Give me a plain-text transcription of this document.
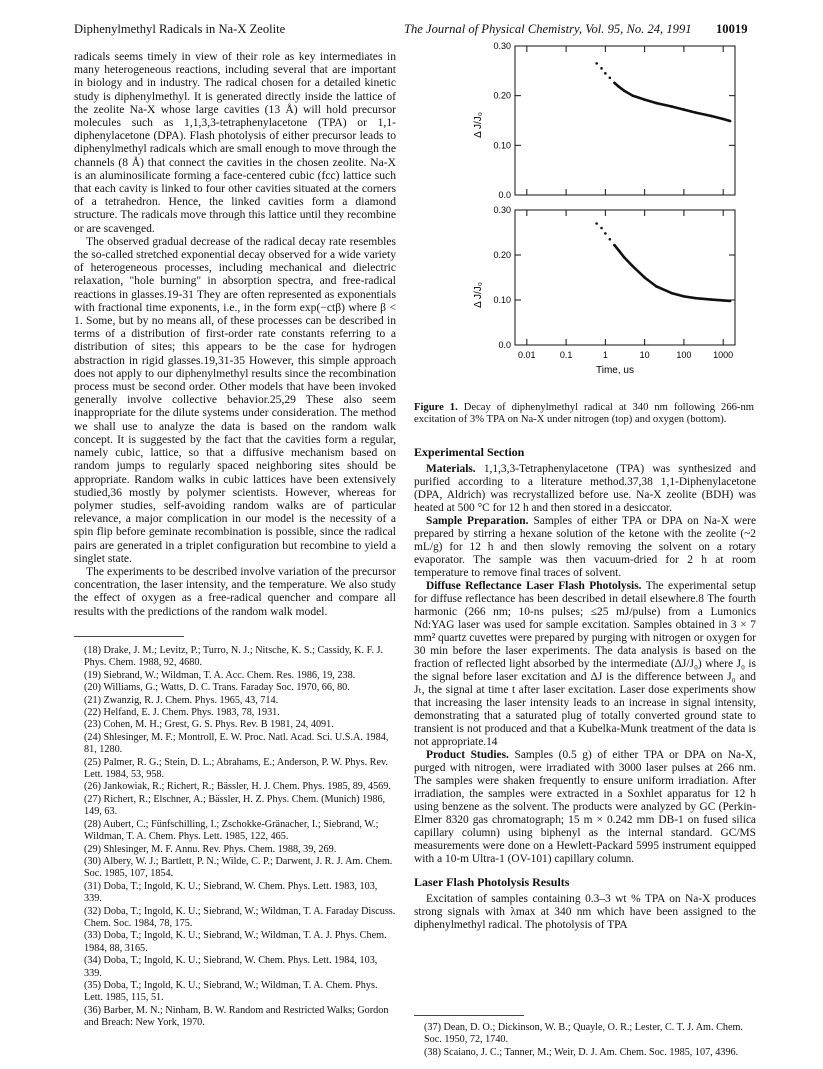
Diphenylmethyl Radicals in Na-X Zeolite	The Journal of Physical Chemistry, Vol. 95, No. 24, 1991 10019

radicals seems timely in view of their role as key intermediates in many heterogeneous reactions, including several that are important in biology and in industry. The radical chosen for a detailed kinetic study is diphenylmethyl. It is generated directly inside the lattice of the zeolite Na-X whose large cavities (13 Å) will hold precursor molecules such as 1,1,3,3-tetraphenylacetone (TPA) or 1,1-diphenylacetone (DPA). Flash photolysis of either precursor leads to diphenylmethyl radicals which are small enough to move through the channels (8 Å) that connect the cavities in the chosen zeolite. Na-X is an aluminosilicate forming a face-centered cubic (fcc) lattice such that each cavity is linked to four other cavities situated at the corners of a tetrahedron. Hence, the linked cavities form a diamond structure. The radicals move through this lattice until they recombine or are scavenged.

The observed gradual decrease of the radical decay rate resembles the so-called stretched exponential decay observed for a wide variety of heterogeneous processes, including mechanical and dielectric relaxation, "hole burning" in absorption spectra, and free-radical reactions in glasses.19-31 They are often represented as exponentials with fractional time exponents, i.e., in the form exp(−ctβ) where β < 1. Some, but by no means all, of these processes can be described in terms of a distribution of first-order rate constants referring to a distribution of sites; this appears to be the case for hydrogen abstraction in rigid glasses.19,31-35 However, this simple approach does not apply to our diphenylmethyl results since the recombination process must be second order. Other models that have been invoked generally involve collective behavior.25,29 These also seem inappropriate for the dilute systems under consideration. The method we shall use to analyze the data is based on the random walk concept. It is suggested by the fact that the cavities form a regular, namely cubic, lattice, so that a diffusive mechanism based on random jumps to regularly spaced neighboring sites should be appropriate. Random walks in cubic lattices have been extensively studied,36 mostly by polymer scientists. However, whereas for polymer studies, self-avoiding random walks are of particular relevance, a major complication in our model is the necessity of a spin flip before geminate recombination is possible, since the radical pairs are generated in a triplet configuration but recombine to yield a singlet state.

The experiments to be described involve variation of the precursor concentration, the laser intensity, and the temperature. We also study the effect of oxygen as a free-radical quencher and compare all results with the predictions of the random walk model.

(18) Drake, J. M.; Levitz, P.; Turro, N. J.; Nitsche, K. S.; Cassidy, K. F. J. Phys. Chem. 1988, 92, 4680.
(19) Siebrand, W.; Wildman, T. A. Acc. Chem. Res. 1986, 19, 238.
(20) Williams, G.; Watts, D. C. Trans. Faraday Soc. 1970, 66, 80.
(21) Zwanzig, R. J. Chem. Phys. 1965, 43, 714.
(22) Helfand, E. J. Chem. Phys. 1983, 78, 1931.
(23) Cohen, M. H.; Grest, G. S. Phys. Rev. B 1981, 24, 4091.
(24) Shlesinger, M. F.; Montroll, E. W. Proc. Natl. Acad. Sci. U.S.A. 1984, 81, 1280.
(25) Palmer, R. G.; Stein, D. L.; Abrahams, E.; Anderson, P. W. Phys. Rev. Lett. 1984, 53, 958.
(26) Jankowiak, R.; Richert, R.; Bässler, H. J. Chem. Phys. 1985, 89, 4569.
(27) Richert, R.; Elschner, A.; Bässler, H. Z. Phys. Chem. (Munich) 1986, 149, 63.
(28) Aubert, C.; Fünfschilling, I.; Zschokke-Gränacher, I.; Siebrand, W.; Wildman, T. A. Chem. Phys. Lett. 1985, 122, 465.
(29) Shlesinger, M. F. Annu. Rev. Phys. Chem. 1988, 39, 269.
(30) Albery, W. J.; Bartlett, P. N.; Wilde, C. P.; Darwent, J. R. J. Am. Chem. Soc. 1985, 107, 1854.
(31) Doba, T.; Ingold, K. U.; Siebrand, W. Chem. Phys. Lett. 1983, 103, 339.
(32) Doba, T.; Ingold, K. U.; Siebrand, W.; Wildman, T. A. Faraday Discuss. Chem. Soc. 1984, 78, 175.
(33) Doba, T.; Ingold, K. U.; Siebrand, W.; Wildman, T. A. J. Phys. Chem. 1984, 88, 3165.
(34) Doba, T.; Ingold, K. U.; Siebrand, W. Chem. Phys. Lett. 1984, 103, 339.
(35) Doba, T.; Ingold, K. U.; Siebrand, W.; Wildman, T. A. Chem. Phys. Lett. 1985, 115, 51.
(36) Barber, M. N.; Ninham, B. W. Random and Restricted Walks; Gordon and Breach: New York, 1970.
0.30
0.20
0.10
0.0
0.30
0.20
0.10
0.0
Δ J/J₀
Δ J/J₀
0.01	0.1	1	10	100 1000
Time, us
Figure 1. Decay of diphenylmethyl radical at 340 nm following 266-nm excitation of 3% TPA on Na-X under nitrogen (top) and oxygen (bottom).
Experimental Section

Materials. 1,1,3,3-Tetraphenylacetone (TPA) was synthesized and purified according to a literature method.37,38 1,1-Diphenylacetone (DPA, Aldrich) was recrystallized before use. Na-X zeolite (BDH) was heated at 500 °C for 12 h and then stored in a desiccator.

Sample Preparation. Samples of either TPA or DPA on Na-X were prepared by stirring a hexane solution of the ketone with the zeolite (~2 mL/g) for 12 h and then slowly removing the solvent on a rotary evaporator. The sample was then vacuum-dried for 2 h at room temperature to remove final traces of solvent.

Diffuse Reflectance Laser Flash Photolysis. The experimental setup for diffuse reflectance has been described in detail elsewhere.8 The fourth harmonic (266 nm; 10-ns pulses; ≤25 mJ/pulse) from a Lumonics Nd:YAG laser was used for sample excitation. Samples obtained in 3 × 7 mm² quartz cuvettes were prepared by purging with nitrogen or oxygen for 30 min before the laser experiments. The data analysis is based on the fraction of reflected light absorbed by the intermediate (ΔJ/J₀) where J₀ is the signal before laser excitation and ΔJ is the difference between J₀ and Jₜ, the signal at time t after laser excitation. Laser dose experiments show that increasing the laser intensity leads to an increase in signal intensity, demonstrating that a saturated plug of totally converted ground state to transient is not produced and that a Kubelka-Munk treatment of the data is not appropriate.14

Product Studies. Samples (0.5 g) of either TPA or DPA on Na-X, purged with nitrogen, were irradiated with 3000 laser pulses at 266 nm. The samples were shaken frequently to ensure uniform irradiation. After irradiation, the samples were extracted in a Soxhlet apparatus for 12 h using benzene as the solvent. The products were analyzed by GC (Perkin-Elmer 8320 gas chromatograph; 15 m × 0.242 mm DB-1 on fused silica capillary column) using biphenyl as the internal standard. GC/MS measurements were done on a Hewlett-Packard 5995 instrument equipped with a 10-m Ultra-1 (OV-101) capillary column.

Laser Flash Photolysis Results

Excitation of samples containing 0.3–3 wt % TPA on Na-X produces strong signals with λmax at 340 nm which have been assigned to the diphenylmethyl radical. The photolysis of TPA

(37) Dean, D. O.; Dickinson, W. B.; Quayle, O. R.; Lester, C. T. J. Am. Chem. Soc. 1950, 72, 1740.
(38) Scaiano, J. C.; Tanner, M.; Weir, D. J. Am. Chem. Soc. 1985, 107, 4396.
